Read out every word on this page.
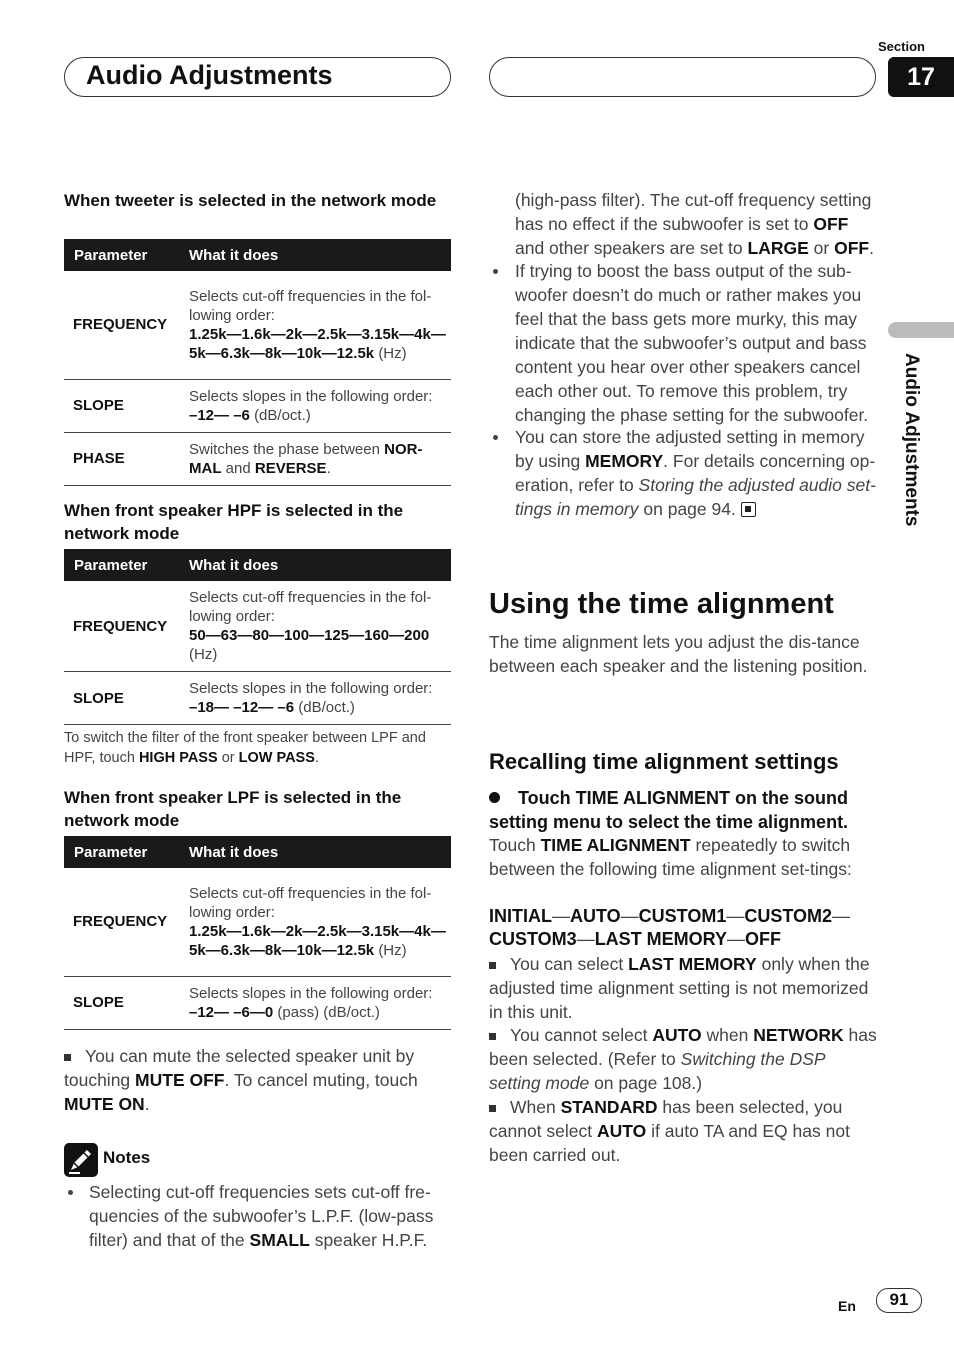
Audio Adjustments
Section
17
Audio Adjustments
When tweeter is selected in the network mode
Parameter	What it does
FREQUENCY	Selects cut-off frequencies in the fol-lowing order:
1.25k—1.6k—2k—2.5k—3.15k—4k—5k—6.3k—8k—10k—12.5k (Hz)
SLOPE	Selects slopes in the following order:
–12— –6 (dB/oct.)
PHASE	Switches the phase between NOR-MAL and REVERSE.
When front speaker HPF is selected in the network mode
Parameter	What it does
FREQUENCY	Selects cut-off frequencies in the fol-lowing order:
50—63—80—100—125—160—200 (Hz)
SLOPE	Selects slopes in the following order:
–18— –12— –6 (dB/oct.)
To switch the filter of the front speaker between LPF and HPF, touch HIGH PASS or LOW PASS.
When front speaker LPF is selected in the network mode
Parameter	What it does
FREQUENCY	Selects cut-off frequencies in the fol-lowing order:
1.25k—1.6k—2k—2.5k—3.15k—4k—5k—6.3k—8k—10k—12.5k (Hz)
SLOPE	Selects slopes in the following order:
–12— –6—0 (pass) (dB/oct.)
You can mute the selected speaker unit by touching MUTE OFF. To cancel muting, touch MUTE ON.
Notes
Selecting cut-off frequencies sets cut-off fre-quencies of the subwoofer’s L.P.F. (low-pass filter) and that of the SMALL speaker H.P.F.
(high-pass filter). The cut-off frequency setting has no effect if the subwoofer is set to OFF and other speakers are set to LARGE or OFF.
If trying to boost the bass output of the sub-woofer doesn’t do much or rather makes you feel that the bass gets more murky, this may indicate that the subwoofer’s output and bass content you hear over other speakers cancel each other out. To remove this problem, try changing the phase setting for the subwoofer.
You can store the adjusted setting in memory by using MEMORY. For details concerning op-eration, refer to Storing the adjusted audio set-tings in memory on page 94.
Using the time alignment
The time alignment lets you adjust the dis-tance between each speaker and the listening position.
Recalling time alignment settings
Touch TIME ALIGNMENT on the sound setting menu to select the time alignment.
Touch TIME ALIGNMENT repeatedly to switch between the following time alignment set-tings:
INITIAL—AUTO—CUSTOM1—CUSTOM2—
CUSTOM3—LAST MEMORY—OFF
You can select LAST MEMORY only when the adjusted time alignment setting is not memorized in this unit.
You cannot select AUTO when NETWORK has been selected. (Refer to Switching the DSP setting mode on page 108.)
When STANDARD has been selected, you cannot select AUTO if auto TA and EQ has not been carried out.
En	91
